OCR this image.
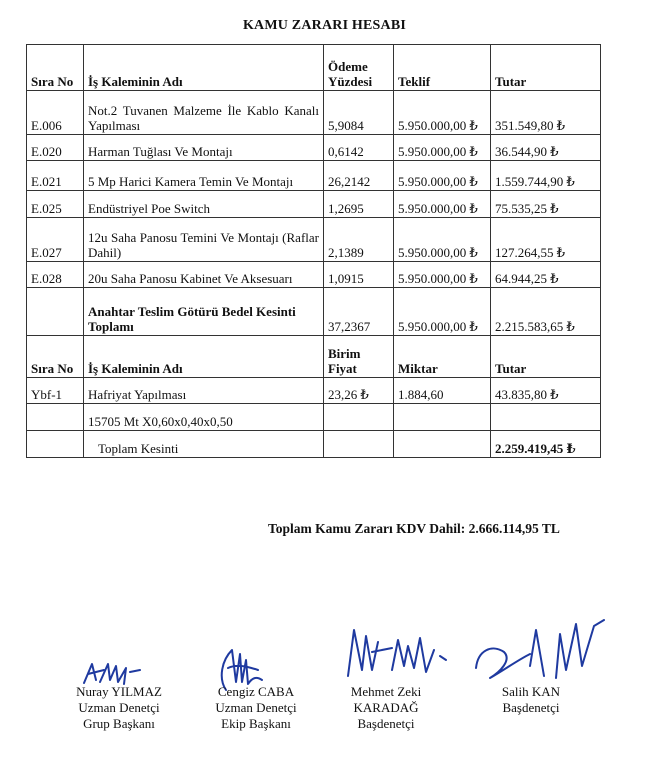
KAMU ZARARI HESABI
Sıra No	İş Kaleminin Adı	Ödeme Yüzdesi	Teklif	Tutar
E.006	Not.2 Tuvanen Malzeme İle Kablo Kanalı Yapılması	5,9084	5.950.000,00 ₺	351.549,80 ₺
E.020	Harman Tuğlası Ve Montajı	0,6142	5.950.000,00 ₺	36.544,90 ₺
E.021	5 Mp Harici Kamera Temin Ve Montajı	26,2142	5.950.000,00 ₺	1.559.744,90 ₺
E.025	Endüstriyel Poe Switch	1,2695	5.950.000,00 ₺	75.535,25 ₺
E.027	12u Saha Panosu Temini Ve Montajı (Raflar Dahil)	2,1389	5.950.000,00 ₺	127.264,55 ₺
E.028	20u Saha Panosu Kabinet Ve Aksesuarı	1,0915	5.950.000,00 ₺	64.944,25 ₺
	Anahtar Teslim Götürü Bedel Kesinti Toplamı	37,2367	5.950.000,00 ₺	2.215.583,65 ₺
Sıra No	İş Kaleminin Adı	Birim Fiyat	Miktar	Tutar
Ybf-1	Hafriyat Yapılması	23,26 ₺	1.884,60	43.835,80 ₺
	15705 Mt X0,60x0,40x0,50			
	Toplam Kesinti			2.259.419,45 ₺
Toplam Kamu Zararı KDV Dahil: 2.666.114,95 TL
Nuray YILMAZ
Uzman Denetçi
Grup Başkanı
Cengiz CABA
Uzman Denetçi
Ekip Başkanı
Mehmet Zeki
KARADAĞ
Başdenetçi
Salih KAN
Başdenetçi
